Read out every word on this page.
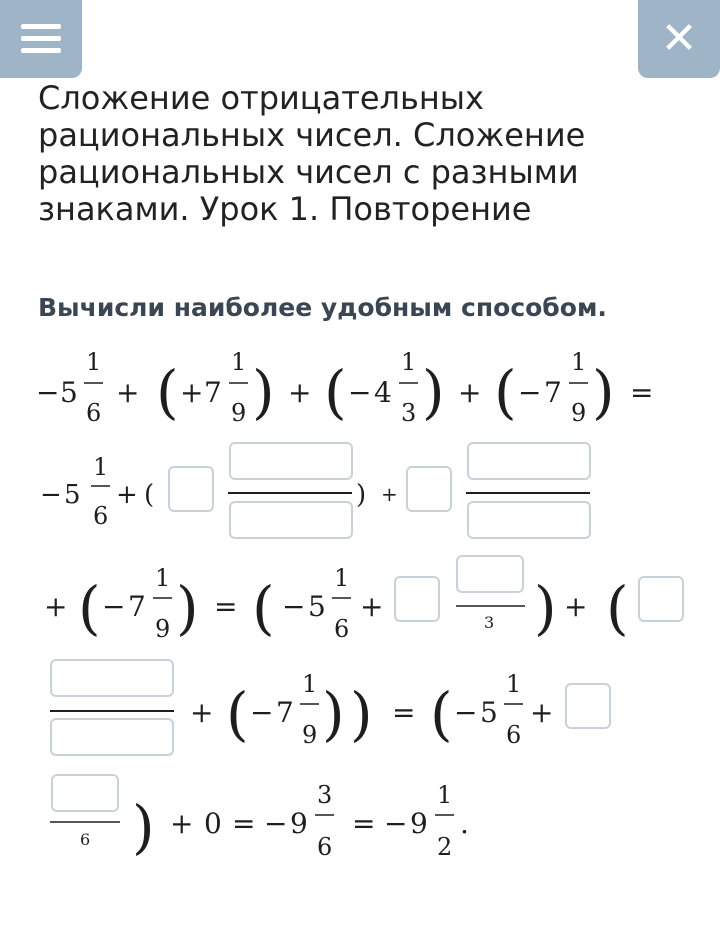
✕
Сложение отрицательных рациональных чисел. Сложение рациональных чисел с разными знаками. Урок 1. Повторение
Вычисли наиболее удобным способом.
− 5
1
6
+ ( + 7
1
9 ) + ( − 4
1
3 ) + ( − 7
1
9 ) =
− 5
1
6
+ (	) +
+ ( − 7
1
9 ) = ( − 5
1
6
+	3 ) + (
+ ( − 7
1
9 ) ) = ( − 5
1
6
+
6 ) + 0 = − 9
3
6
= − 9
1
2
.
